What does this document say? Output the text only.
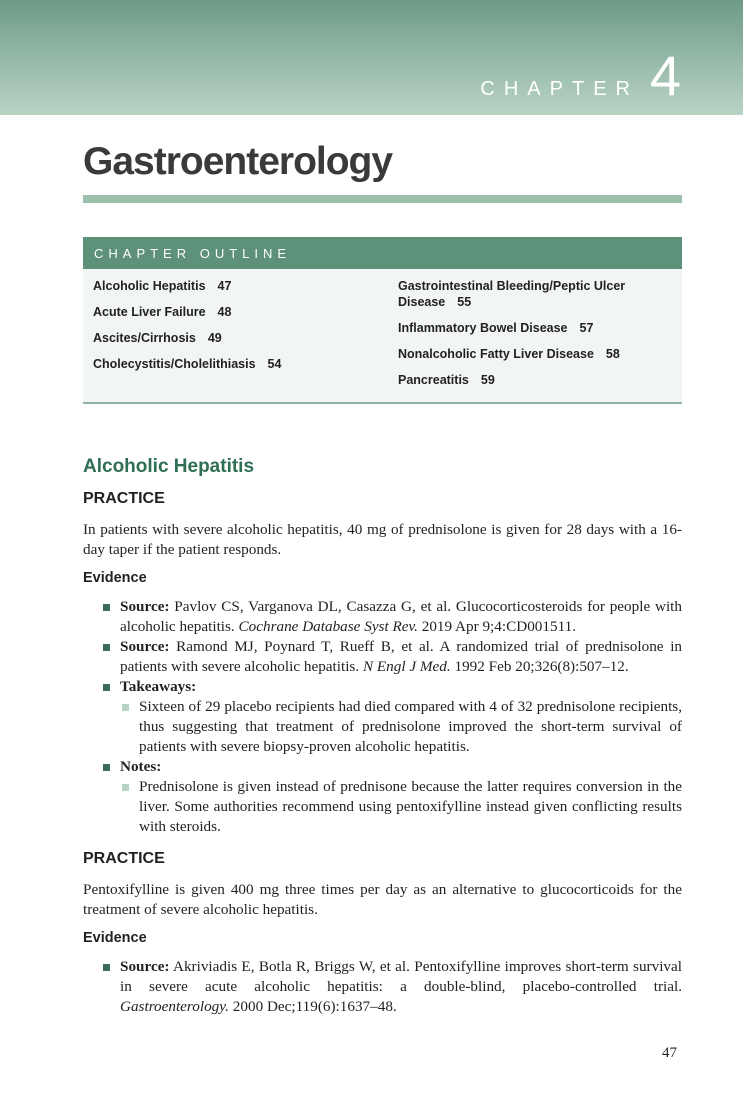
CHAPTER 4
Gastroenterology
CHAPTER OUTLINE
Alcoholic Hepatitis 47
Acute Liver Failure 48
Ascites/Cirrhosis 49
Cholecystitis/Cholelithiasis 54
Gastrointestinal Bleeding/Peptic Ulcer Disease 55
Inflammatory Bowel Disease 57
Nonalcoholic Fatty Liver Disease 58
Pancreatitis 59
Alcoholic Hepatitis
PRACTICE

In patients with severe alcoholic hepatitis, 40 mg of prednisolone is given for 28 days with a 16-day taper if the patient responds.

Evidence
Source: Pavlov CS, Varganova DL, Casazza G, et al. Glucocorticosteroids for people with alcoholic hepatitis. Cochrane Database Syst Rev. 2019 Apr 9;4:CD001511.
Source: Ramond MJ, Poynard T, Rueff B, et al. A randomized trial of prednisolone in patients with severe alcoholic hepatitis. N Engl J Med. 1992 Feb 20;326(8):507–12.
Takeaways:
Sixteen of 29 placebo recipients had died compared with 4 of 32 prednisolone recipients, thus suggesting that treatment of prednisolone improved the short-term survival of patients with severe biopsy-proven alcoholic hepatitis.
Notes:
Prednisolone is given instead of prednisone because the latter requires conversion in the liver. Some authorities recommend using pentoxifylline instead given conflicting results with steroids.
PRACTICE

Pentoxifylline is given 400 mg three times per day as an alternative to glucocorticoids for the treatment of severe alcoholic hepatitis.

Evidence
Source: Akriviadis E, Botla R, Briggs W, et al. Pentoxifylline improves short-term survival in severe acute alcoholic hepatitis: a double-blind, placebo-controlled trial. Gastroenterology. 2000 Dec;119(6):1637–48.
47
